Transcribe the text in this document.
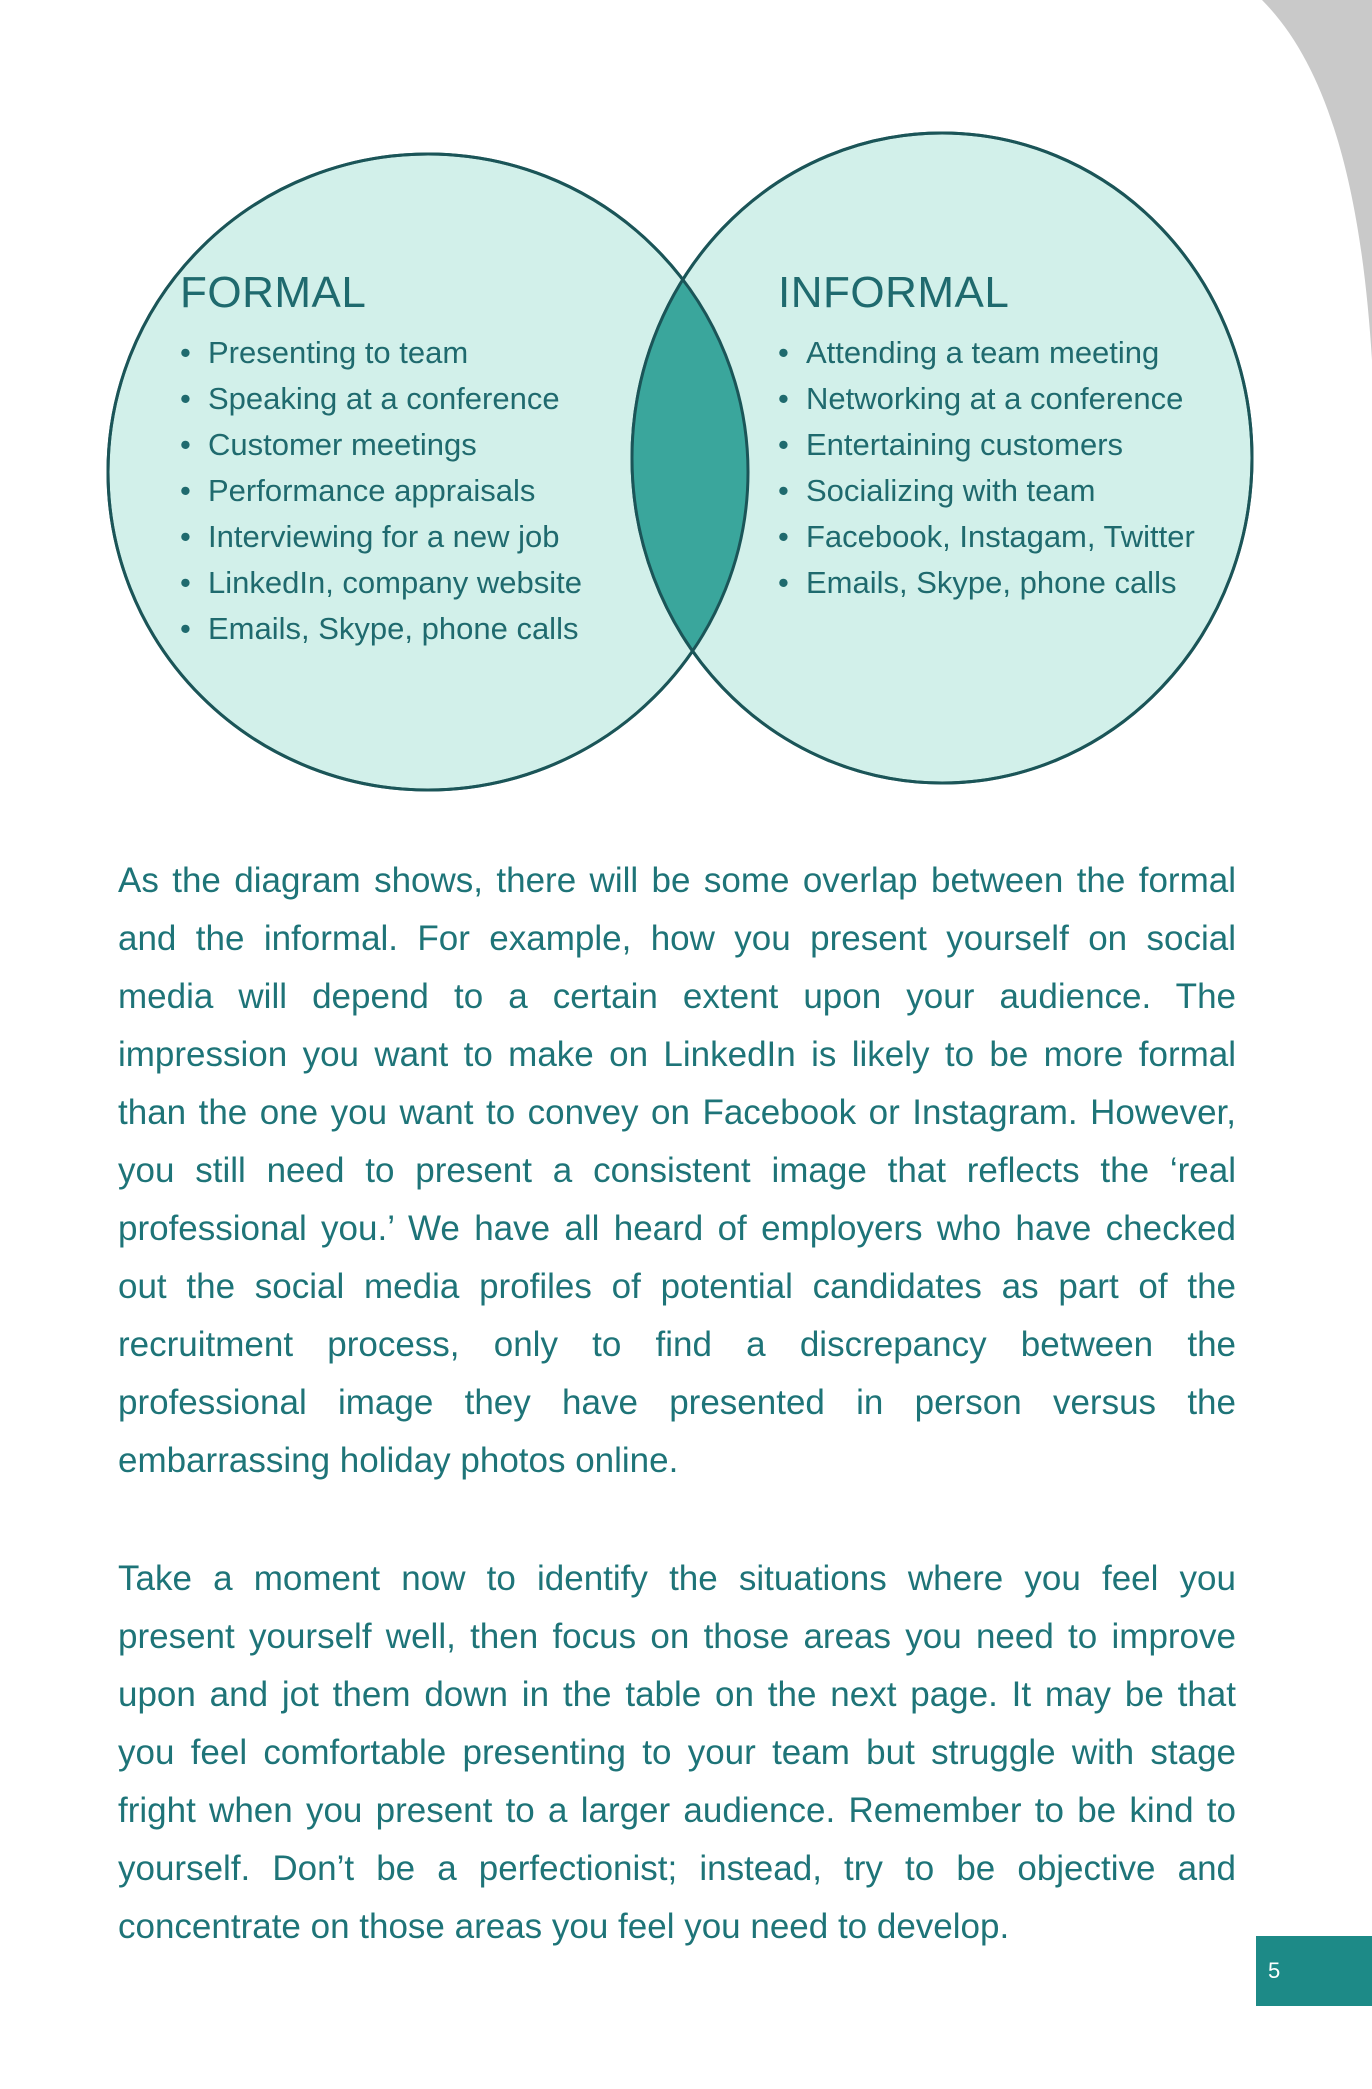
FORMAL
• Presenting to team
• Speaking at a conference
• Customer meetings
• Performance appraisals
• Interviewing for a new job
• LinkedIn, company website
• Emails, Skype, phone calls
INFORMAL
• Attending a team meeting
• Networking at a conference
• Entertaining customers
• Socializing with team
• Facebook, Instagam, Twitter
• Emails, Skype, phone calls

As the diagram shows, there will be some overlap between the formal and the informal. For example, how you present yourself on social media will depend to a certain extent upon your audience. The impression you want to make on LinkedIn is likely to be more formal than the one you want to convey on Facebook or Instagram. However, you still need to present a consistent image that reflects the ‘real professional you.’ We have all heard of employers who have checked out the social media profiles of potential candidates as part of the recruitment process, only to find a discrepancy between the professional image they have presented in person versus the embarrassing holiday photos online.

Take a moment now to identify the situations where you feel you present yourself well, then focus on those areas you need to improve upon and jot them down in the table on the next page. It may be that you feel comfortable presenting to your team but struggle with stage fright when you present to a larger audience. Remember to be kind to yourself. Don’t be a perfectionist; instead, try to be objective and concentrate on those areas you feel you need to develop.

5
